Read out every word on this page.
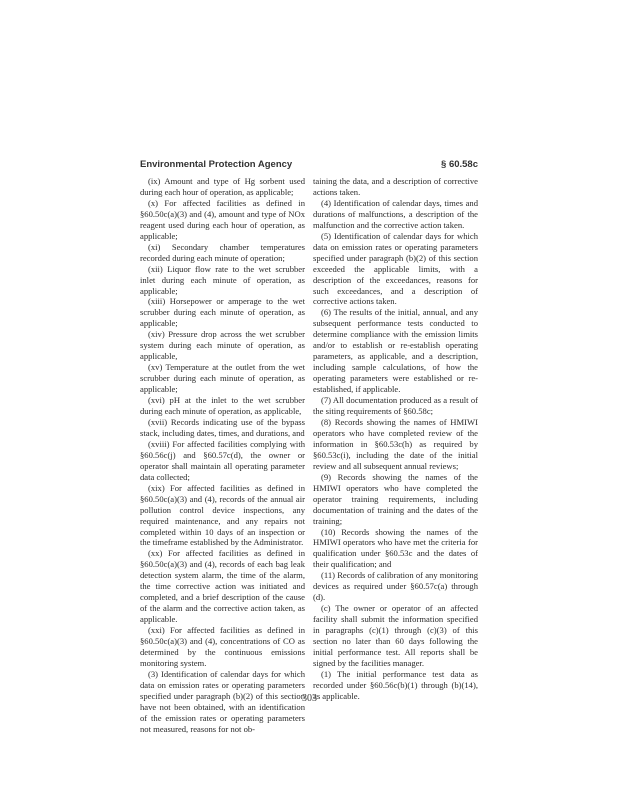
Environmental Protection Agency	§ 60.58c

(ix) Amount and type of Hg sorbent used during each hour of operation, as applicable;

(x) For affected facilities as defined in §60.50c(a)(3) and (4), amount and type of NOx reagent used during each hour of operation, as applicable;

(xi) Secondary chamber temperatures recorded during each minute of operation;

(xii) Liquor flow rate to the wet scrubber inlet during each minute of operation, as applicable;

(xiii) Horsepower or amperage to the wet scrubber during each minute of operation, as applicable;

(xiv) Pressure drop across the wet scrubber system during each minute of operation, as applicable,

(xv) Temperature at the outlet from the wet scrubber during each minute of operation, as applicable;

(xvi) pH at the inlet to the wet scrubber during each minute of operation, as applicable,

(xvii) Records indicating use of the bypass stack, including dates, times, and durations, and

(xviii) For affected facilities complying with §60.56c(j) and §60.57c(d), the owner or operator shall maintain all operating parameter data collected;

(xix) For affected facilities as defined in §60.50c(a)(3) and (4), records of the annual air pollution control device inspections, any required maintenance, and any repairs not completed within 10 days of an inspection or the timeframe established by the Administrator.

(xx) For affected facilities as defined in §60.50c(a)(3) and (4), records of each bag leak detection system alarm, the time of the alarm, the time corrective action was initiated and completed, and a brief description of the cause of the alarm and the corrective action taken, as applicable.

(xxi) For affected facilities as defined in §60.50c(a)(3) and (4), concentrations of CO as determined by the continuous emissions monitoring system.

(3) Identification of calendar days for which data on emission rates or operating parameters specified under paragraph (b)(2) of this section have not been obtained, with an identification of the emission rates or operating parameters not measured, reasons for not ob-

taining the data, and a description of corrective actions taken.

(4) Identification of calendar days, times and durations of malfunctions, a description of the malfunction and the corrective action taken.

(5) Identification of calendar days for which data on emission rates or operating parameters specified under paragraph (b)(2) of this section exceeded the applicable limits, with a description of the exceedances, reasons for such exceedances, and a description of corrective actions taken.

(6) The results of the initial, annual, and any subsequent performance tests conducted to determine compliance with the emission limits and/or to establish or re-establish operating parameters, as applicable, and a description, including sample calculations, of how the operating parameters were established or re-established, if applicable.

(7) All documentation produced as a result of the siting requirements of §60.58c;

(8) Records showing the names of HMIWI operators who have completed review of the information in §60.53c(h) as required by §60.53c(i), including the date of the initial review and all subsequent annual reviews;

(9) Records showing the names of the HMIWI operators who have completed the operator training requirements, including documentation of training and the dates of the training;

(10) Records showing the names of the HMIWI operators who have met the criteria for qualification under §60.53c and the dates of their qualification; and

(11) Records of calibration of any monitoring devices as required under §60.57c(a) through (d).

(c) The owner or operator of an affected facility shall submit the information specified in paragraphs (c)(1) through (c)(3) of this section no later than 60 days following the initial performance test. All reports shall be signed by the facilities manager.

(1) The initial performance test data as recorded under §60.56c(b)(1) through (b)(14), as applicable.

303
